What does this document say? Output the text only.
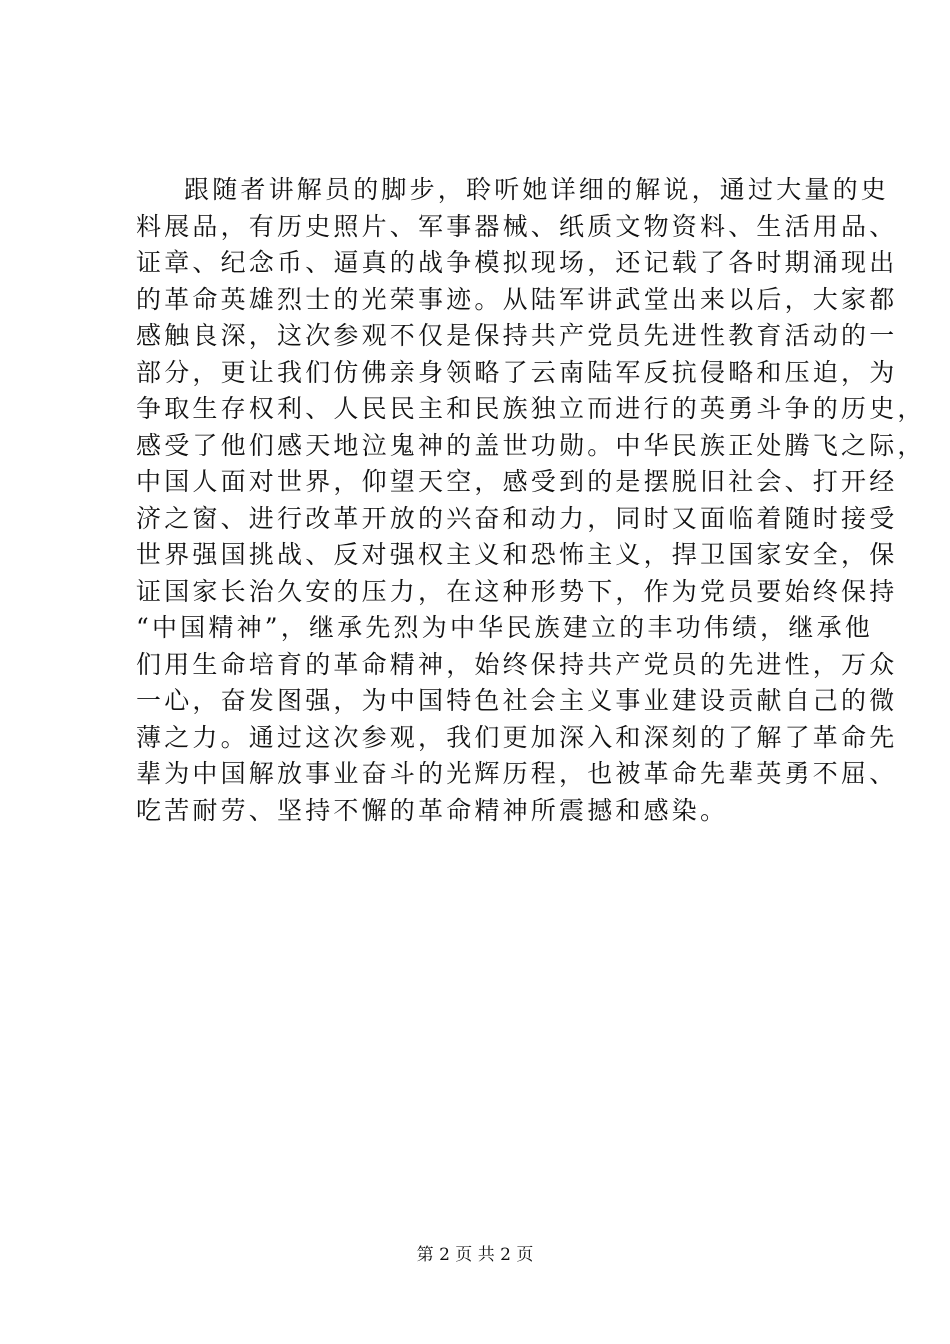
跟随者讲解员的脚步，聆听她详细的解说，通过大量的史
料展品，有历史照片、军事器械、纸质文物资料、生活用品、
证章、纪念币、逼真的战争模拟现场，还记载了各时期涌现出
的革命英雄烈士的光荣事迹。从陆军讲武堂出来以后，大家都
感触良深，这次参观不仅是保持共产党员先进性教育活动的一
部分，更让我们仿佛亲身领略了云南陆军反抗侵略和压迫，为
争取生存权利、人民民主和民族独立而进行的英勇斗争的历史，
感受了他们感天地泣鬼神的盖世功勋。中华民族正处腾飞之际，
中国人面对世界，仰望天空，感受到的是摆脱旧社会、打开经
济之窗、进行改革开放的兴奋和动力，同时又面临着随时接受
世界强国挑战、反对强权主义和恐怖主义，捍卫国家安全，保
证国家长治久安的压力，在这种形势下，作为党员要始终保持
“中国精神”，继承先烈为中华民族建立的丰功伟绩，继承他
们用生命培育的革命精神，始终保持共产党员的先进性，万众
一心，奋发图强，为中国特色社会主义事业建设贡献自己的微
薄之力。通过这次参观，我们更加深入和深刻的了解了革命先
辈为中国解放事业奋斗的光辉历程，也被革命先辈英勇不屈、
吃苦耐劳、坚持不懈的革命精神所震撼和感染。
第 2 页 共 2 页
